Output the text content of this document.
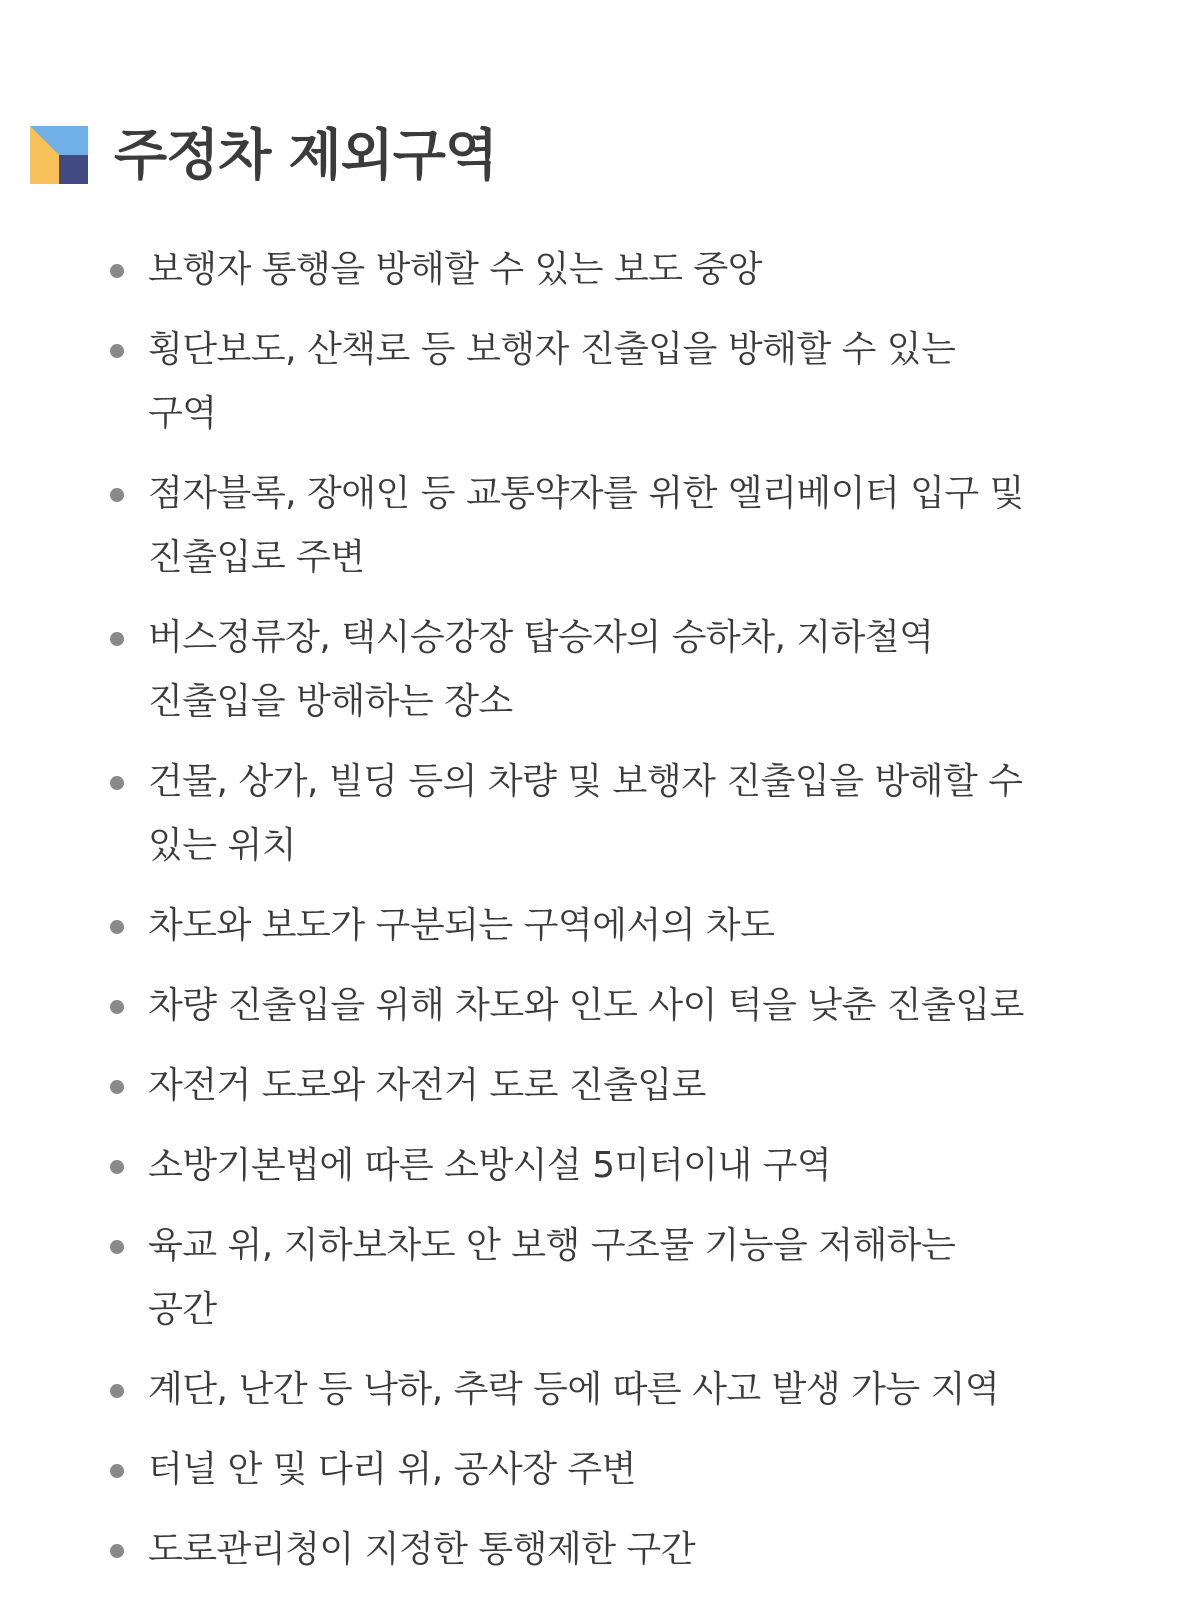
주정차 제외구역
보행자 통행을 방해할 수 있는 보도 중앙
횡단보도, 산책로 등 보행자 진출입을 방해할 수 있는 구역
점자블록, 장애인 등 교통약자를 위한 엘리베이터 입구 및 진출입로 주변
버스정류장, 택시승강장 탑승자의 승하차, 지하철역 진출입을 방해하는 장소
건물, 상가, 빌딩 등의 차량 및 보행자 진출입을 방해할 수 있는 위치
차도와 보도가 구분되는 구역에서의 차도
차량 진출입을 위해 차도와 인도 사이 턱을 낮춘 진출입로
자전거 도로와 자전거 도로 진출입로
소방기본법에 따른 소방시설 5미터이내 구역
육교 위, 지하보차도 안 보행 구조물 기능을 저해하는 공간
계단, 난간 등 낙하, 추락 등에 따른 사고 발생 가능 지역
터널 안 및 다리 위, 공사장 주변
도로관리청이 지정한 통행제한 구간
